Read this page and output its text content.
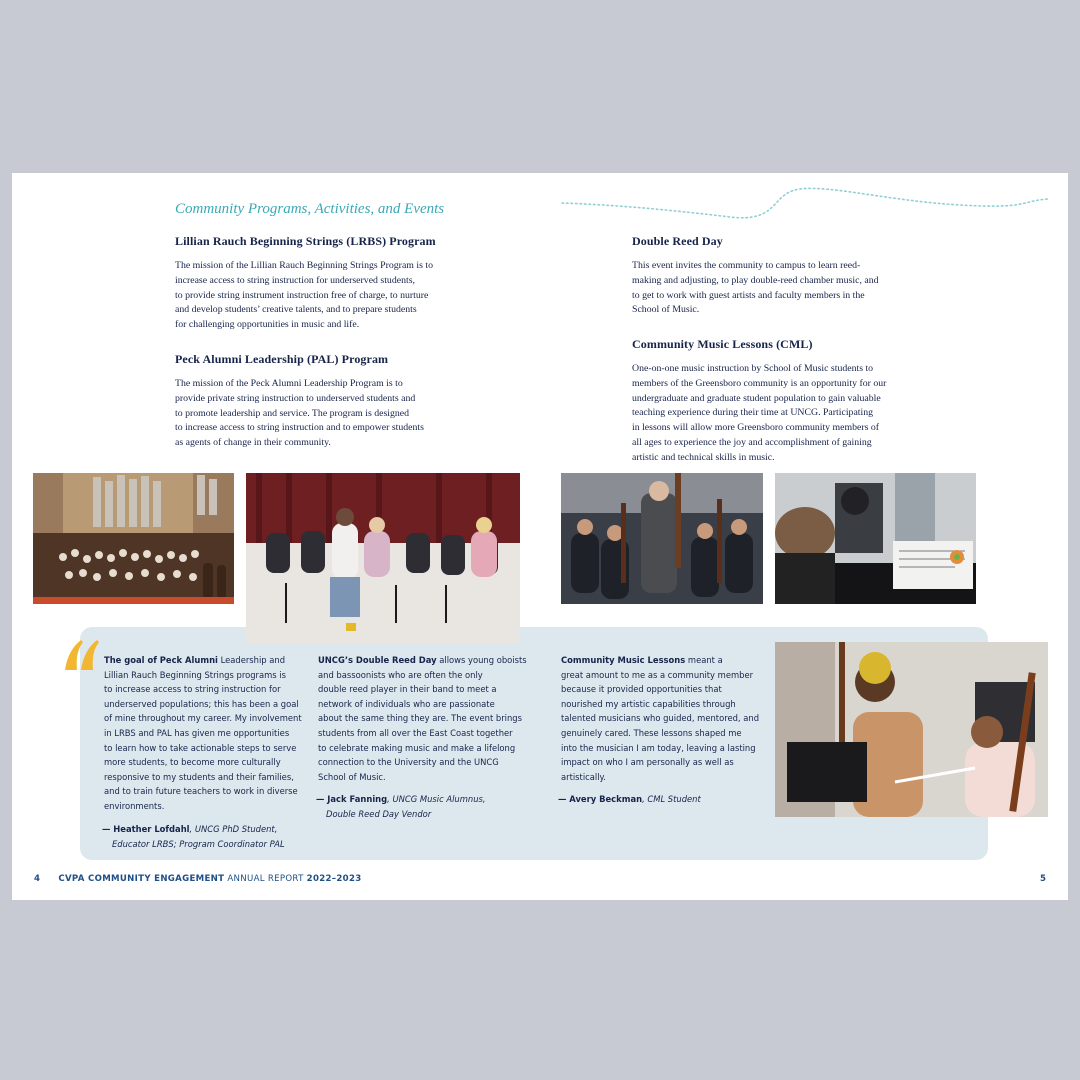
Community Programs, Activities, and Events
Lillian Rauch Beginning Strings (LRBS) Program

The mission of the Lillian Rauch Beginning Strings Program is to
increase access to string instruction for underserved students,
to provide string instrument instruction free of charge, to nurture
and develop students’ creative talents, and to prepare students
for challenging opportunities in music and life.

Peck Alumni Leadership (PAL) Program

The mission of the Peck Alumni Leadership Program is to
provide private string instruction to underserved students and
to promote leadership and service. The program is designed
to increase access to string instruction and to empower students
as agents of change in their community.

Double Reed Day

This event invites the community to campus to learn reed-
making and adjusting, to play double-reed chamber music, and
to get to work with guest artists and faculty members in the
School of Music.

Community Music Lessons (CML)

One-on-one music instruction by School of Music students to
members of the Greensboro community is an opportunity for our
undergraduate and graduate student population to gain valuable
teaching experience during their time at UNCG. Participating
in lessons will allow more Greensboro community members of
all ages to experience the joy and accomplishment of gaining
artistic and technical skills in music.

The goal of Peck Alumni Leadership and
Lillian Rauch Beginning Strings programs is
to increase access to string instruction for
underserved populations; this has been a goal
of mine throughout my career. My involvement
in LRBS and PAL has given me opportunities
to learn how to take actionable steps to serve
more students, to become more culturally
responsive to my students and their families,
and to train future teachers to work in diverse
environments.
— Heather Lofdahl, UNCG PhD Student,
Educator LRBS; Program Coordinator PAL
UNCG’s Double Reed Day allows young oboists
and bassoonists who are often the only
double reed player in their band to meet a
network of individuals who are passionate
about the same thing they are. The event brings
students from all over the East Coast together
to celebrate making music and make a lifelong
connection to the University and the UNCG
School of Music.
— Jack Fanning, UNCG Music Alumnus,
Double Reed Day Vendor
Community Music Lessons meant a
great amount to me as a community member
because it provided opportunities that
nourished my artistic capabilities through
talented musicians who guided, mentored, and
genuinely cared. These lessons shaped me
into the musician I am today, leaving a lasting
impact on who I am personally as well as
artistically.
— Avery Beckman, CML Student
4 CVPA COMMUNITY ENGAGEMENT ANNUAL REPORT 2022–2023	5
